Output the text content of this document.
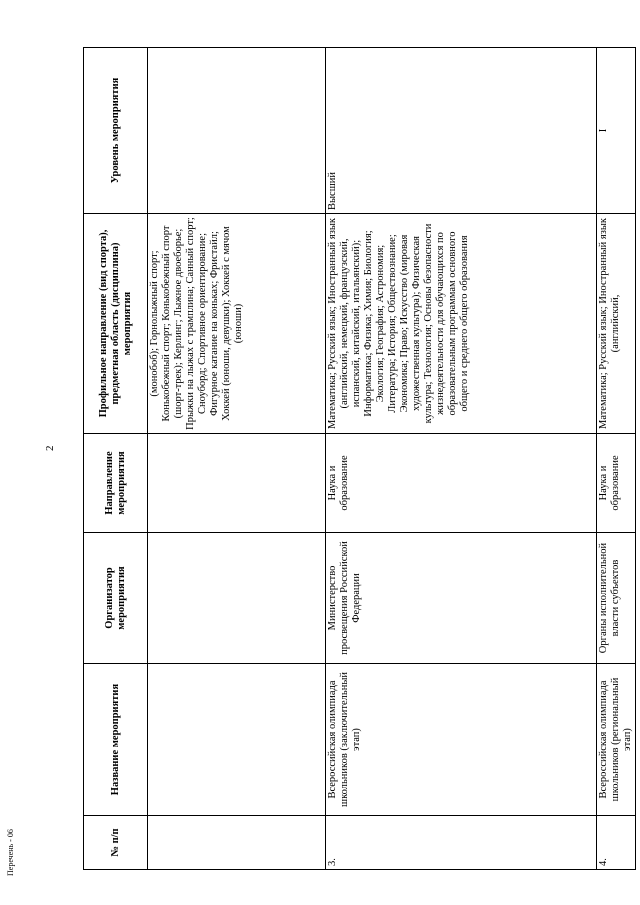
2
Перечень - 06	№ п/п	Название мероприятия	Организатор мероприятия	Направление мероприятия	Профильное направление (вид спорта), предметная область (дисциплина) мероприятия	Уровень мероприятия
				(монобоб); Горнолыжный спорт; Конькобежный спорт; Конькобежный спорт (шорт-трек); Керлинг; Лыжное двоеборье; Прыжки на лыжах с трамплина; Санный спорт; Сноуборд; Спортивное ориентирование; Фигурное катание на коньках; Фристайл; Хоккей (юноши, девушки); Хоккей с мячом (юноши)	
3.	Всероссийская олимпиада школьников (заключительный этап)	Министерство просвещения Российской Федерации	Наука и образование	Математика; Русский язык; Иностранный язык (английский, немецкий, французский, испанский, китайский, итальянский); Информатика; Физика; Химия; Биология; Экология; География; Астрономия; Литература; История; Обществознание; Экономика; Право; Искусство (мировая художественная культура); Физическая культура; Технология; Основы безопасности жизнедеятельности для обучающихся по образовательным программам основного общего и среднего общего образования	Высший
4.	Всероссийская олимпиада школьников (региональный этап)	Органы исполнительной власти субъектов	Наука и образование	Математика; Русский язык; Иностранный язык (английский,	I
